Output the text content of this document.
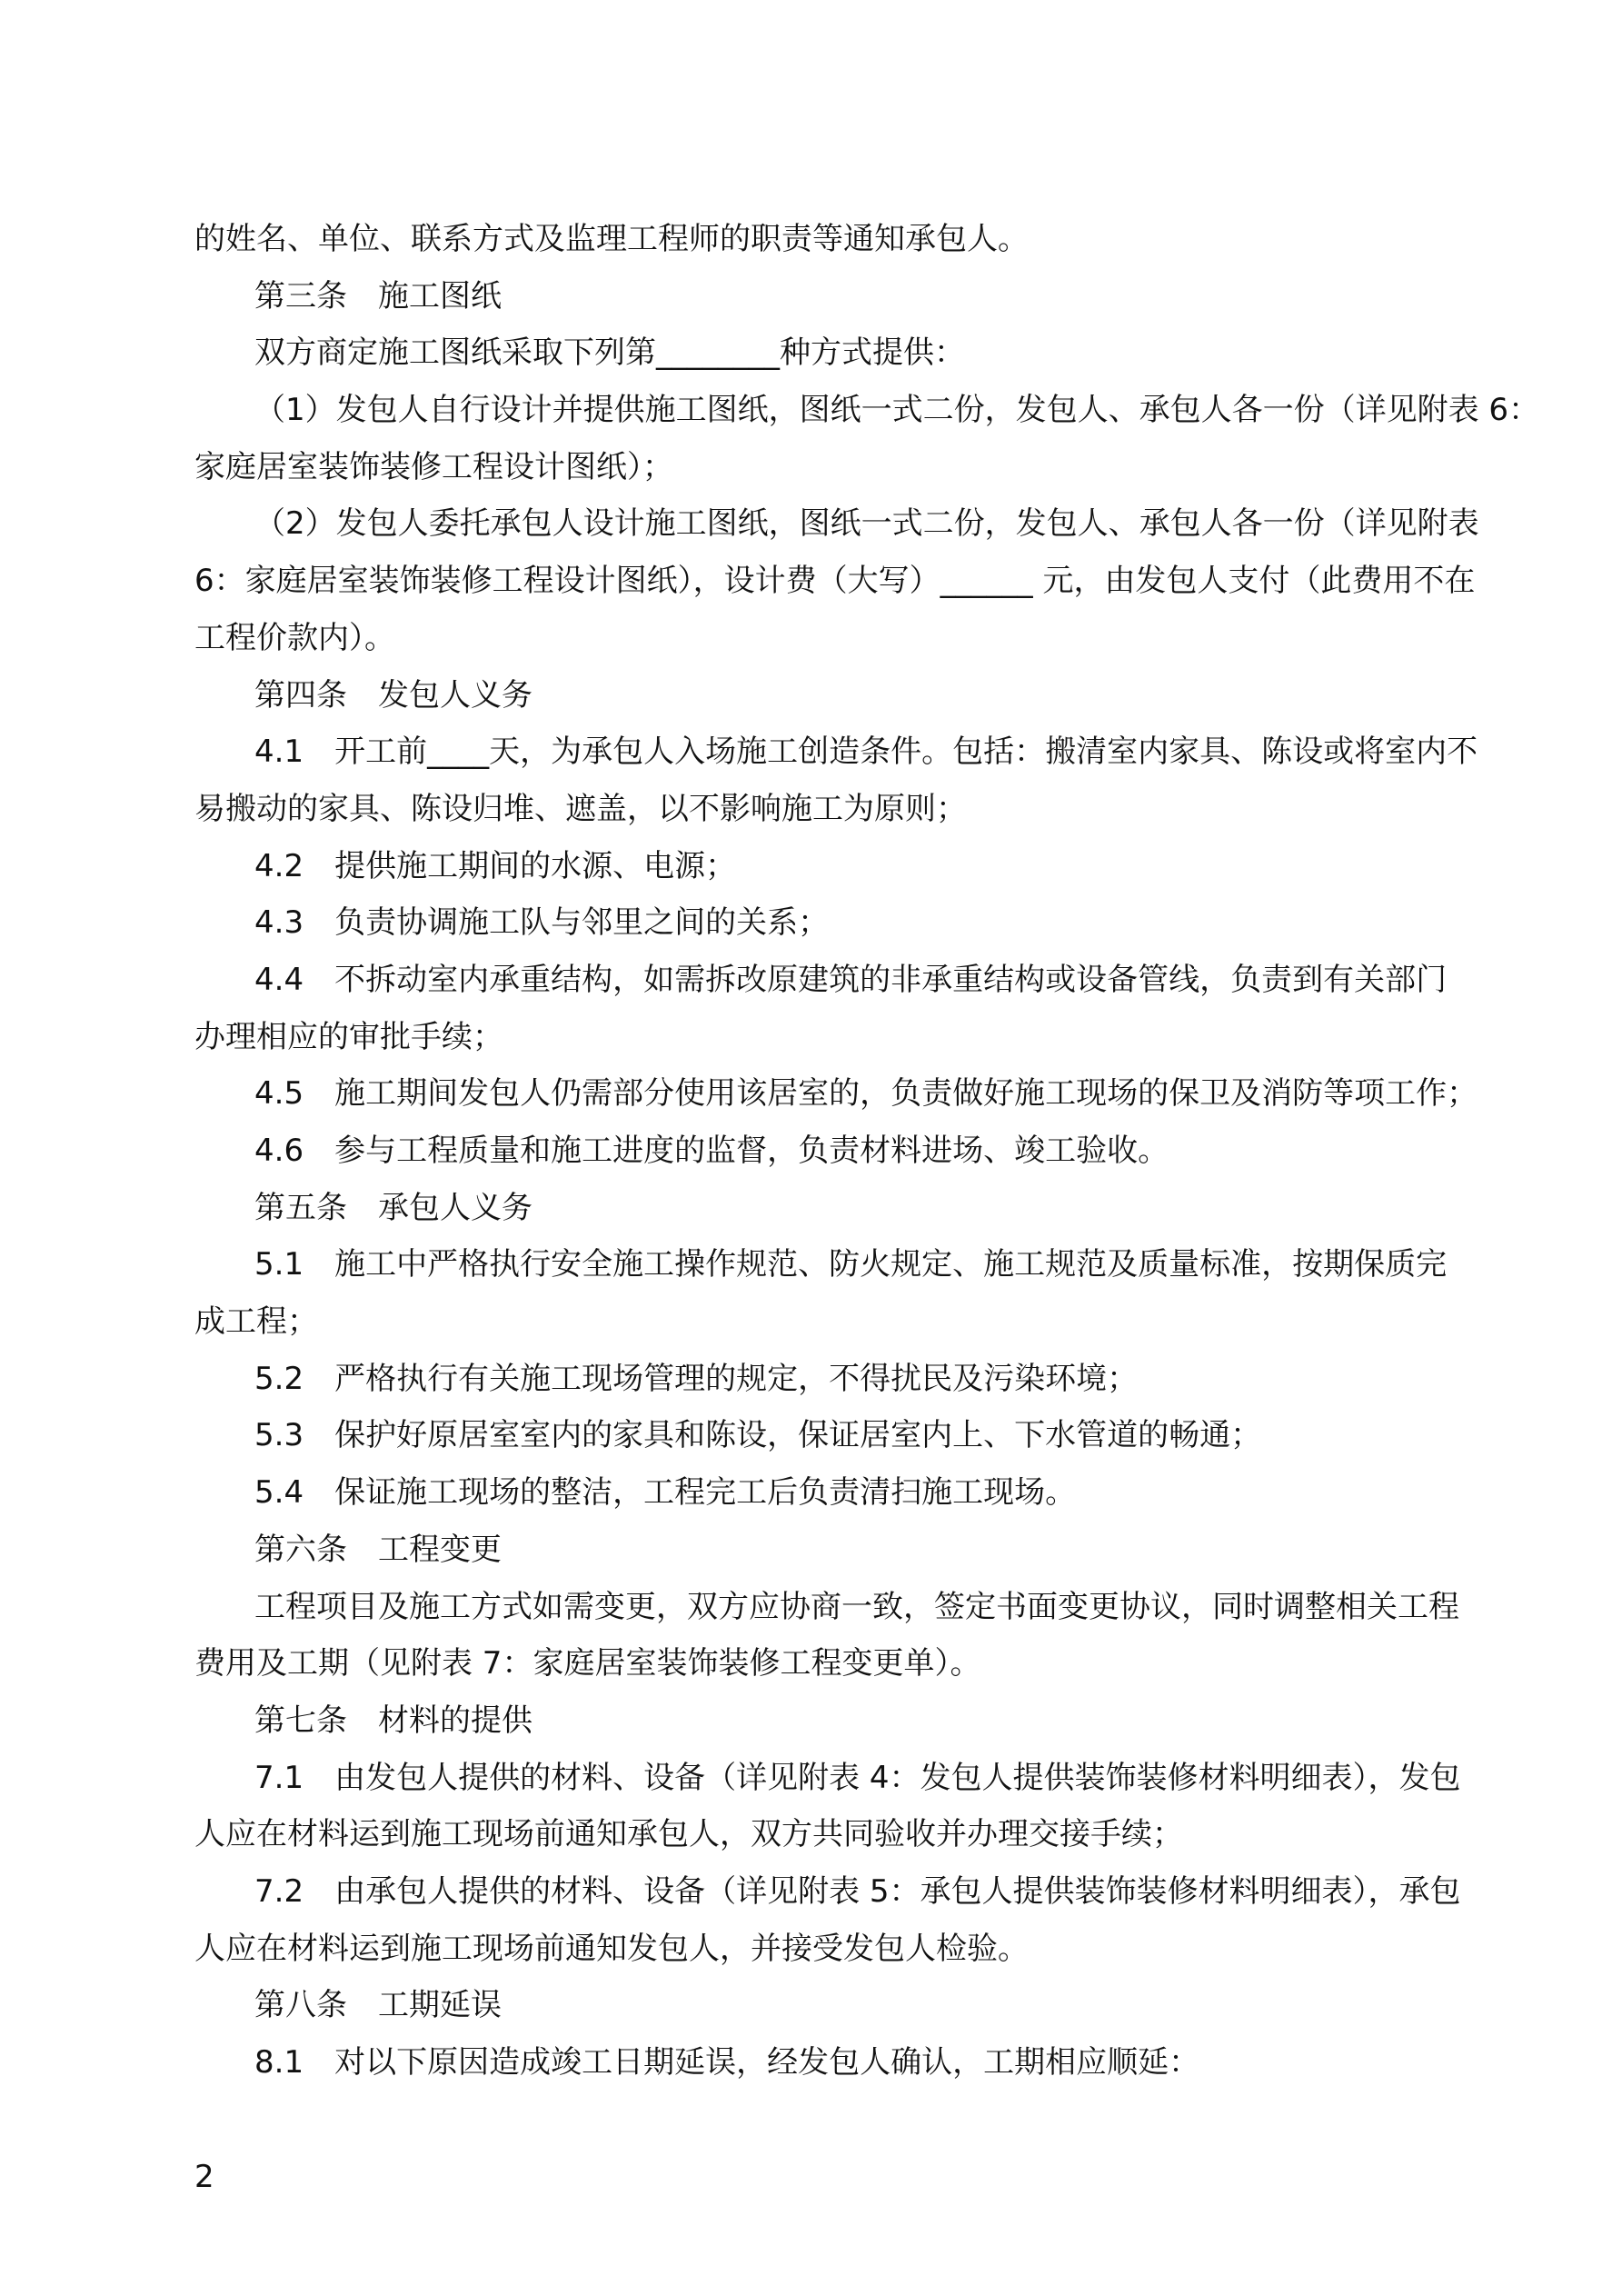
的姓名、单位、联系方式及监理工程师的职责等通知承包人。
第三条　施工图纸
双方商定施工图纸采取下列第________种方式提供：
（1）发包人自行设计并提供施工图纸，图纸一式二份，发包人、承包人各一份（详见附表 6：
家庭居室装饰装修工程设计图纸）；
（2）发包人委托承包人设计施工图纸，图纸一式二份，发包人、承包人各一份（详见附表
6：家庭居室装饰装修工程设计图纸），设计费（大写）______ 元，由发包人支付（此费用不在
工程价款内）。
第四条　发包人义务
4.1　开工前____天，为承包人入场施工创造条件。包括：搬清室内家具、陈设或将室内不
易搬动的家具、陈设归堆、遮盖，以不影响施工为原则；
4.2　提供施工期间的水源、电源；
4.3　负责协调施工队与邻里之间的关系；
4.4　不拆动室内承重结构，如需拆改原建筑的非承重结构或设备管线，负责到有关部门
办理相应的审批手续；
4.5　施工期间发包人仍需部分使用该居室的，负责做好施工现场的保卫及消防等项工作；
4.6　参与工程质量和施工进度的监督，负责材料进场、竣工验收。
第五条　承包人义务
5.1　施工中严格执行安全施工操作规范、防火规定、施工规范及质量标准，按期保质完
成工程；
5.2　严格执行有关施工现场管理的规定，不得扰民及污染环境；
5.3　保护好原居室室内的家具和陈设，保证居室内上、下水管道的畅通；
5.4　保证施工现场的整洁，工程完工后负责清扫施工现场。
第六条　工程变更
工程项目及施工方式如需变更，双方应协商一致，签定书面变更协议，同时调整相关工程
费用及工期（见附表 7：家庭居室装饰装修工程变更单）。
第七条　材料的提供
7.1　由发包人提供的材料、设备（详见附表 4：发包人提供装饰装修材料明细表），发包
人应在材料运到施工现场前通知承包人，双方共同验收并办理交接手续；
7.2　由承包人提供的材料、设备（详见附表 5：承包人提供装饰装修材料明细表），承包
人应在材料运到施工现场前通知发包人，并接受发包人检验。
第八条　工期延误
8.1　对以下原因造成竣工日期延误，经发包人确认，工期相应顺延：
2
